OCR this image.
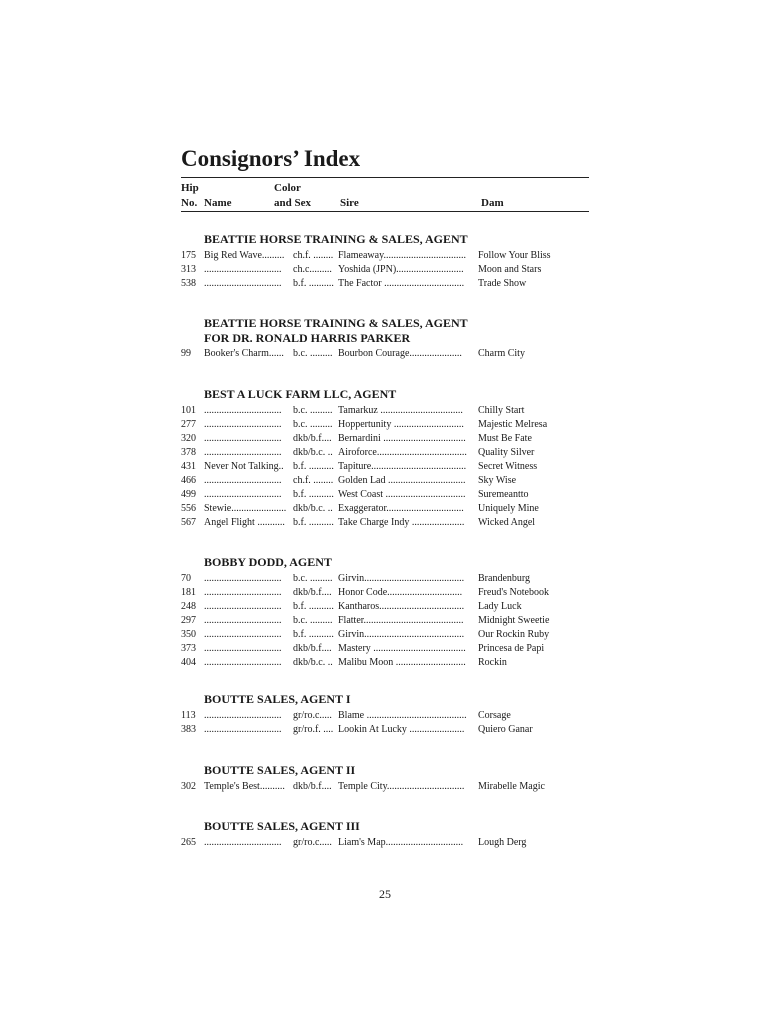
Consignors’ Index
Hip
No. Name
Color
and Sex	Sire	Dam
BEATTIE HORSE TRAINING & SALES, AGENT
175 Big Red Wave......... ch.f. ........ Flameaway................................. Follow Your Bliss
313 ............................... ch.c......... Yoshida (JPN)........................... Moon and Stars
538 ............................... b.f. .......... The Factor ................................ Trade Show
BEATTIE HORSE TRAINING & SALES, AGENT
FOR DR. RONALD HARRIS PARKER
99 Booker's Charm...... b.c. ......... Bourbon Courage..................... Charm City
BEST A LUCK FARM LLC, AGENT
101 ............................... b.c. ......... Tamarkuz ................................. Chilly Start
277 ............................... b.c. ......... Hoppertunity ............................ Majestic Melresa
320 ............................... dkb/b.f.... Bernardini ................................. Must Be Fate
378 ............................... dkb/b.c. .. Airoforce.................................... Quality Silver
431 Never Not Talking.. b.f. .......... Tapiture...................................... Secret Witness
466 ............................... ch.f. ........ Golden Lad ............................... Sky Wise
499 ............................... b.f. .......... West Coast ................................ Suremeantto
556 Stewie...................... dkb/b.c. .. Exaggerator............................... Uniquely Mine
567 Angel Flight ........... b.f. .......... Take Charge Indy ..................... Wicked Angel
BOBBY DODD, AGENT
70 ............................... b.c. ......... Girvin........................................ Brandenburg
181 ............................... dkb/b.f.... Honor Code.............................. Freud's Notebook
248 ............................... b.f. .......... Kantharos.................................. Lady Luck
297 ............................... b.c. ......... Flatter........................................ Midnight Sweetie
350 ............................... b.f. .......... Girvin........................................ Our Rockin Ruby
373 ............................... dkb/b.f.... Mastery ..................................... Princesa de Papi
404 ............................... dkb/b.c. .. Malibu Moon ............................ Rockin
BOUTTE SALES, AGENT I
113 ............................... gr/ro.c..... Blame ........................................ Corsage
383 ............................... gr/ro.f. .... Lookin At Lucky ...................... Quiero Ganar
BOUTTE SALES, AGENT II
302 Temple's Best.......... dkb/b.f.... Temple City............................... Mirabelle Magic
BOUTTE SALES, AGENT III
265 ............................... gr/ro.c..... Liam's Map............................... Lough Derg
25
